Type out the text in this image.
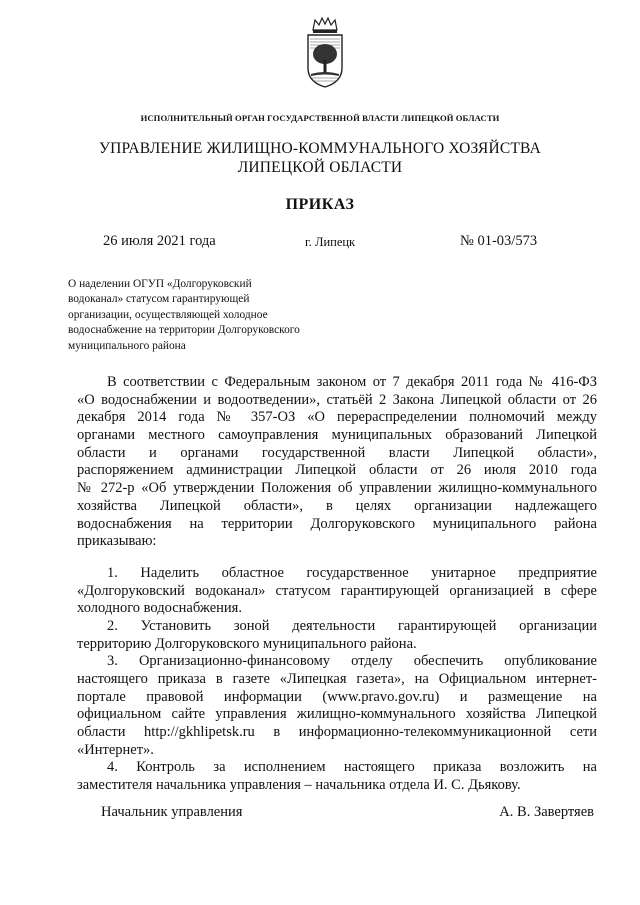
ИСПОЛНИТЕЛЬНЫЙ ОРГАН ГОСУДАРСТВЕННОЙ ВЛАСТИ ЛИПЕЦКОЙ ОБЛАСТИ
УПРАВЛЕНИЕ ЖИЛИЩНО-КОММУНАЛЬНОГО ХОЗЯЙСТВА
ЛИПЕЦКОЙ ОБЛАСТИ
ПРИКАЗ
26 июля 2021 года	г. Липецк	№ 01-03/573
О наделении ОГУП «Долгоруковский
водоканал» статусом гарантирующей
организации, осуществляющей холодное
водоснабжение на территории Долгоруковского
муниципального района
В соответствии с Федеральным законом от 7 декабря 2011 года № 416-ФЗ
«О водоснабжении и водоотведении», статьёй 2 Закона Липецкой области от 26
декабря 2014 года № 357-ОЗ «О перераспределении полномочий между
органами местного самоуправления муниципальных образований Липецкой
области и органами государственной власти Липецкой области»,
распоряжением администрации Липецкой области от 26 июля 2010 года
№ 272-р «Об утверждении Положения об управлении жилищно-коммунального
хозяйства Липецкой области», в целях организации надлежащего
водоснабжения на территории Долгоруковского муниципального района
приказываю:
1. Наделить областное государственное унитарное предприятие
«Долгоруковский водоканал» статусом гарантирующей организацией в сфере
холодного водоснабжения.
2. Установить зоной деятельности гарантирующей организации
территорию Долгоруковского муниципального района.
3. Организационно-финансовому отделу обеспечить опубликование
настоящего приказа в газете «Липецкая газета», на Официальном интернет-
портале правовой информации (www.pravo.gov.ru) и размещение на
официальном сайте управления жилищно-коммунального хозяйства Липецкой
области http://gkhlipetsk.ru в информационно-телекоммуникационной сети
«Интернет».
4. Контроль за исполнением настоящего приказа возложить на
заместителя начальника управления – начальника отдела И. С. Дьякову.
Начальник управления	А. В. Завертяев
